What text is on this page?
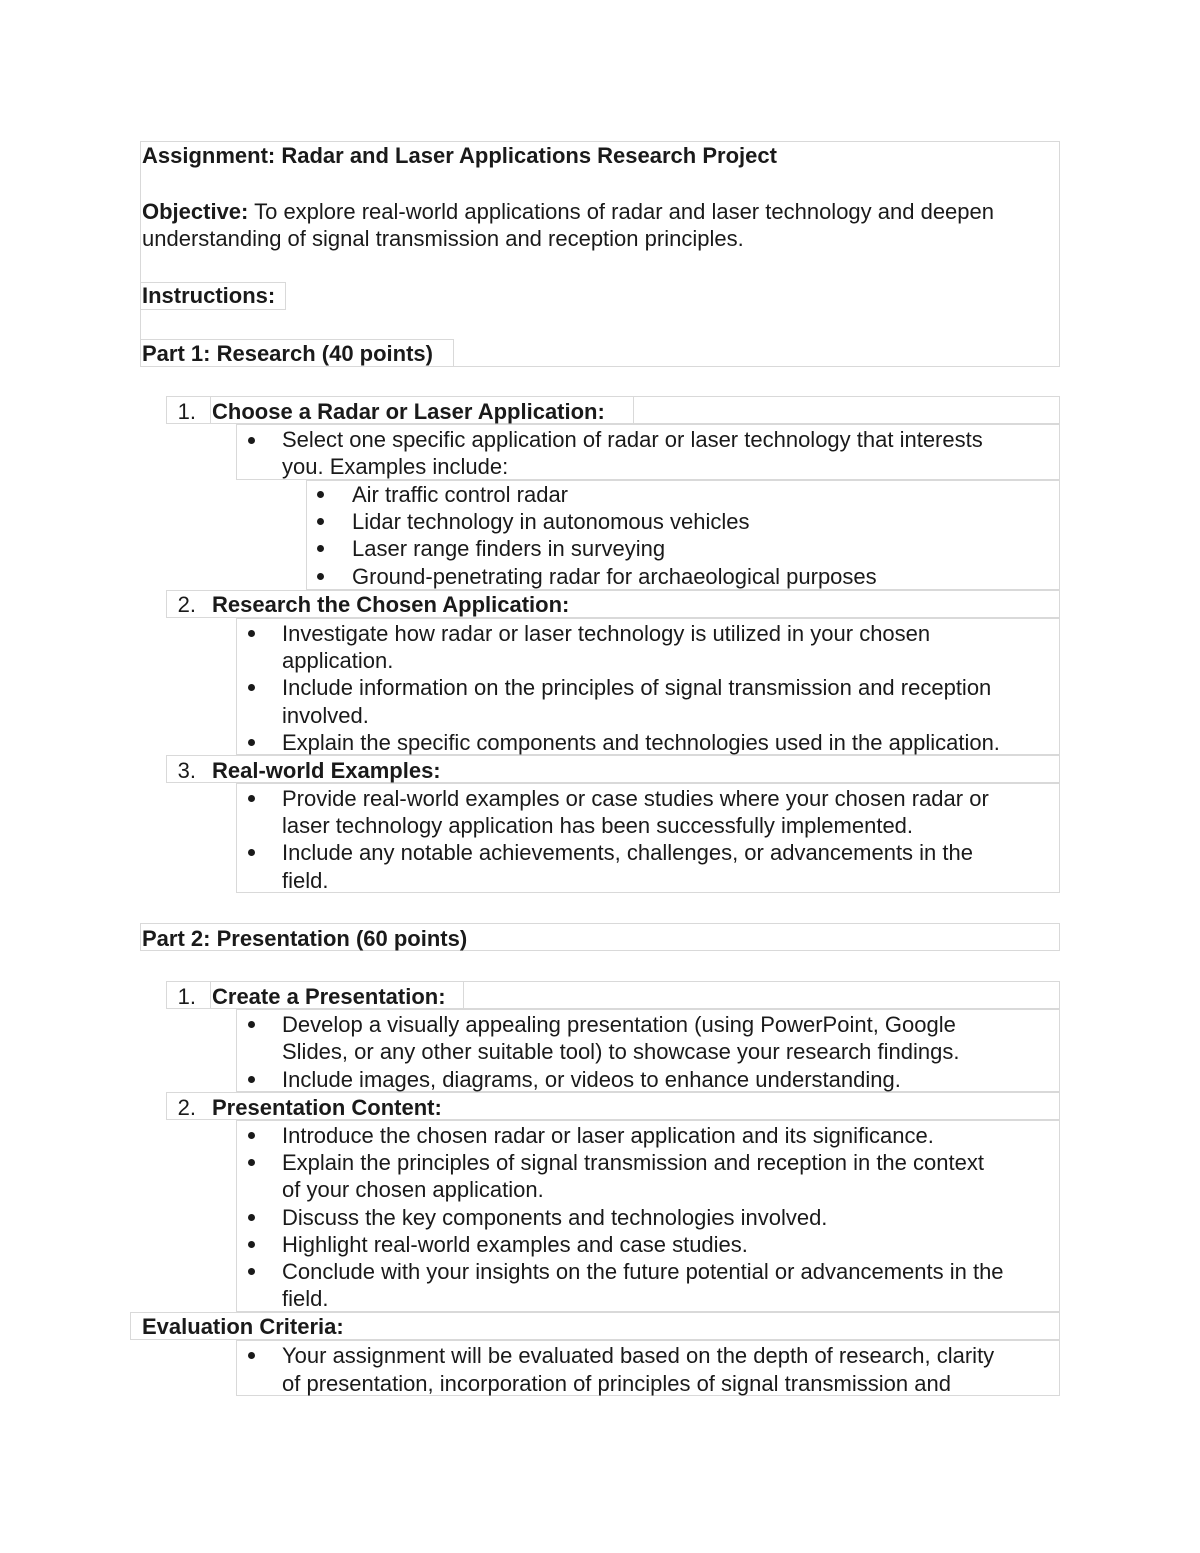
Assignment: Radar and Laser Applications Research Project
Objective: To explore real-world applications of radar and laser technology and deepen
understanding of signal transmission and reception principles.
Instructions:
Part 1: Research (40 points)
1. Choose a Radar or Laser Application:
Select one specific application of radar or laser technology that interests
you. Examples include:
Air traffic control radar
Lidar technology in autonomous vehicles
Laser range finders in surveying
Ground-penetrating radar for archaeological purposes
2. Research the Chosen Application:
Investigate how radar or laser technology is utilized in your chosen
application.
Include information on the principles of signal transmission and reception
involved.
Explain the specific components and technologies used in the application.
3. Real-world Examples:
Provide real-world examples or case studies where your chosen radar or
laser technology application has been successfully implemented.
Include any notable achievements, challenges, or advancements in the
field.
Part 2: Presentation (60 points)
1. Create a Presentation:
Develop a visually appealing presentation (using PowerPoint, Google
Slides, or any other suitable tool) to showcase your research findings.
Include images, diagrams, or videos to enhance understanding.
2. Presentation Content:
Introduce the chosen radar or laser application and its significance.
Explain the principles of signal transmission and reception in the context
of your chosen application.
Discuss the key components and technologies involved.
Highlight real-world examples and case studies.
Conclude with your insights on the future potential or advancements in the
field.
Evaluation Criteria:
Your assignment will be evaluated based on the depth of research, clarity
of presentation, incorporation of principles of signal transmission and
